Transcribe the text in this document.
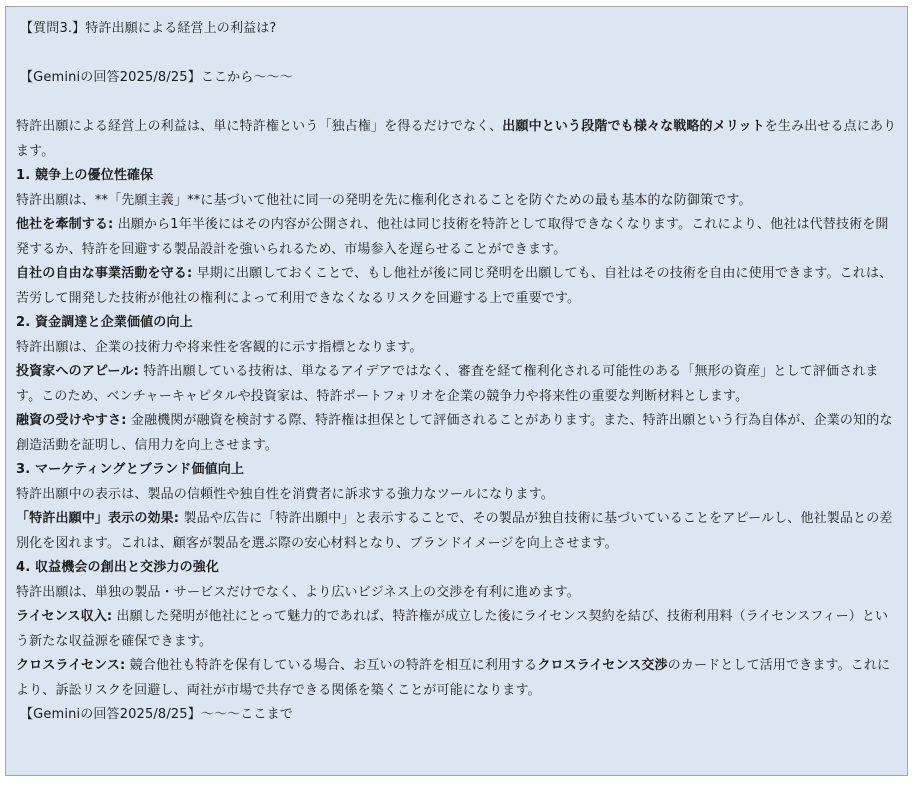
【質問3.】特許出願による経営上の利益は?

【Geminiの回答2025/8/25】ここから〜〜〜

特許出願による経営上の利益は、単に特許権という「独占権」を得るだけでなく、出願中という段階でも様々な戦略的メリットを生み出せる点にあります。

1. 競争上の優位性確保

特許出願は、**「先願主義」**に基づいて他社に同一の発明を先に権利化されることを防ぐための最も基本的な防御策です。

他社を牽制する: 出願から1年半後にはその内容が公開され、他社は同じ技術を特許として取得できなくなります。これにより、他社は代替技術を開発するか、特許を回避する製品設計を強いられるため、市場参入を遅らせることができます。

自社の自由な事業活動を守る: 早期に出願しておくことで、もし他社が後に同じ発明を出願しても、自社はその技術を自由に使用できます。これは、苦労して開発した技術が他社の権利によって利用できなくなるリスクを回避する上で重要です。

2. 資金調達と企業価値の向上

特許出願は、企業の技術力や将来性を客観的に示す指標となります。

投資家へのアピール: 特許出願している技術は、単なるアイデアではなく、審査を経て権利化される可能性のある「無形の資産」として評価されます。このため、ベンチャーキャピタルや投資家は、特許ポートフォリオを企業の競争力や将来性の重要な判断材料とします。

融資の受けやすさ: 金融機関が融資を検討する際、特許権は担保として評価されることがあります。また、特許出願という行為自体が、企業の知的な創造活動を証明し、信用力を向上させます。

3. マーケティングとブランド価値向上

特許出願中の表示は、製品の信頼性や独自性を消費者に訴求する強力なツールになります。

「特許出願中」表示の効果: 製品や広告に「特許出願中」と表示することで、その製品が独自技術に基づいていることをアピールし、他社製品との差別化を図れます。これは、顧客が製品を選ぶ際の安心材料となり、ブランドイメージを向上させます。

4. 収益機会の創出と交渉力の強化

特許出願は、単独の製品・サービスだけでなく、より広いビジネス上の交渉を有利に進めます。

ライセンス収入: 出願した発明が他社にとって魅力的であれば、特許権が成立した後にライセンス契約を結び、技術利用料（ライセンスフィー）という新たな収益源を確保できます。

クロスライセンス: 競合他社も特許を保有している場合、お互いの特許を相互に利用するクロスライセンス交渉のカードとして活用できます。これにより、訴訟リスクを回避し、両社が市場で共存できる関係を築くことが可能になります。

【Geminiの回答2025/8/25】〜〜〜ここまで
